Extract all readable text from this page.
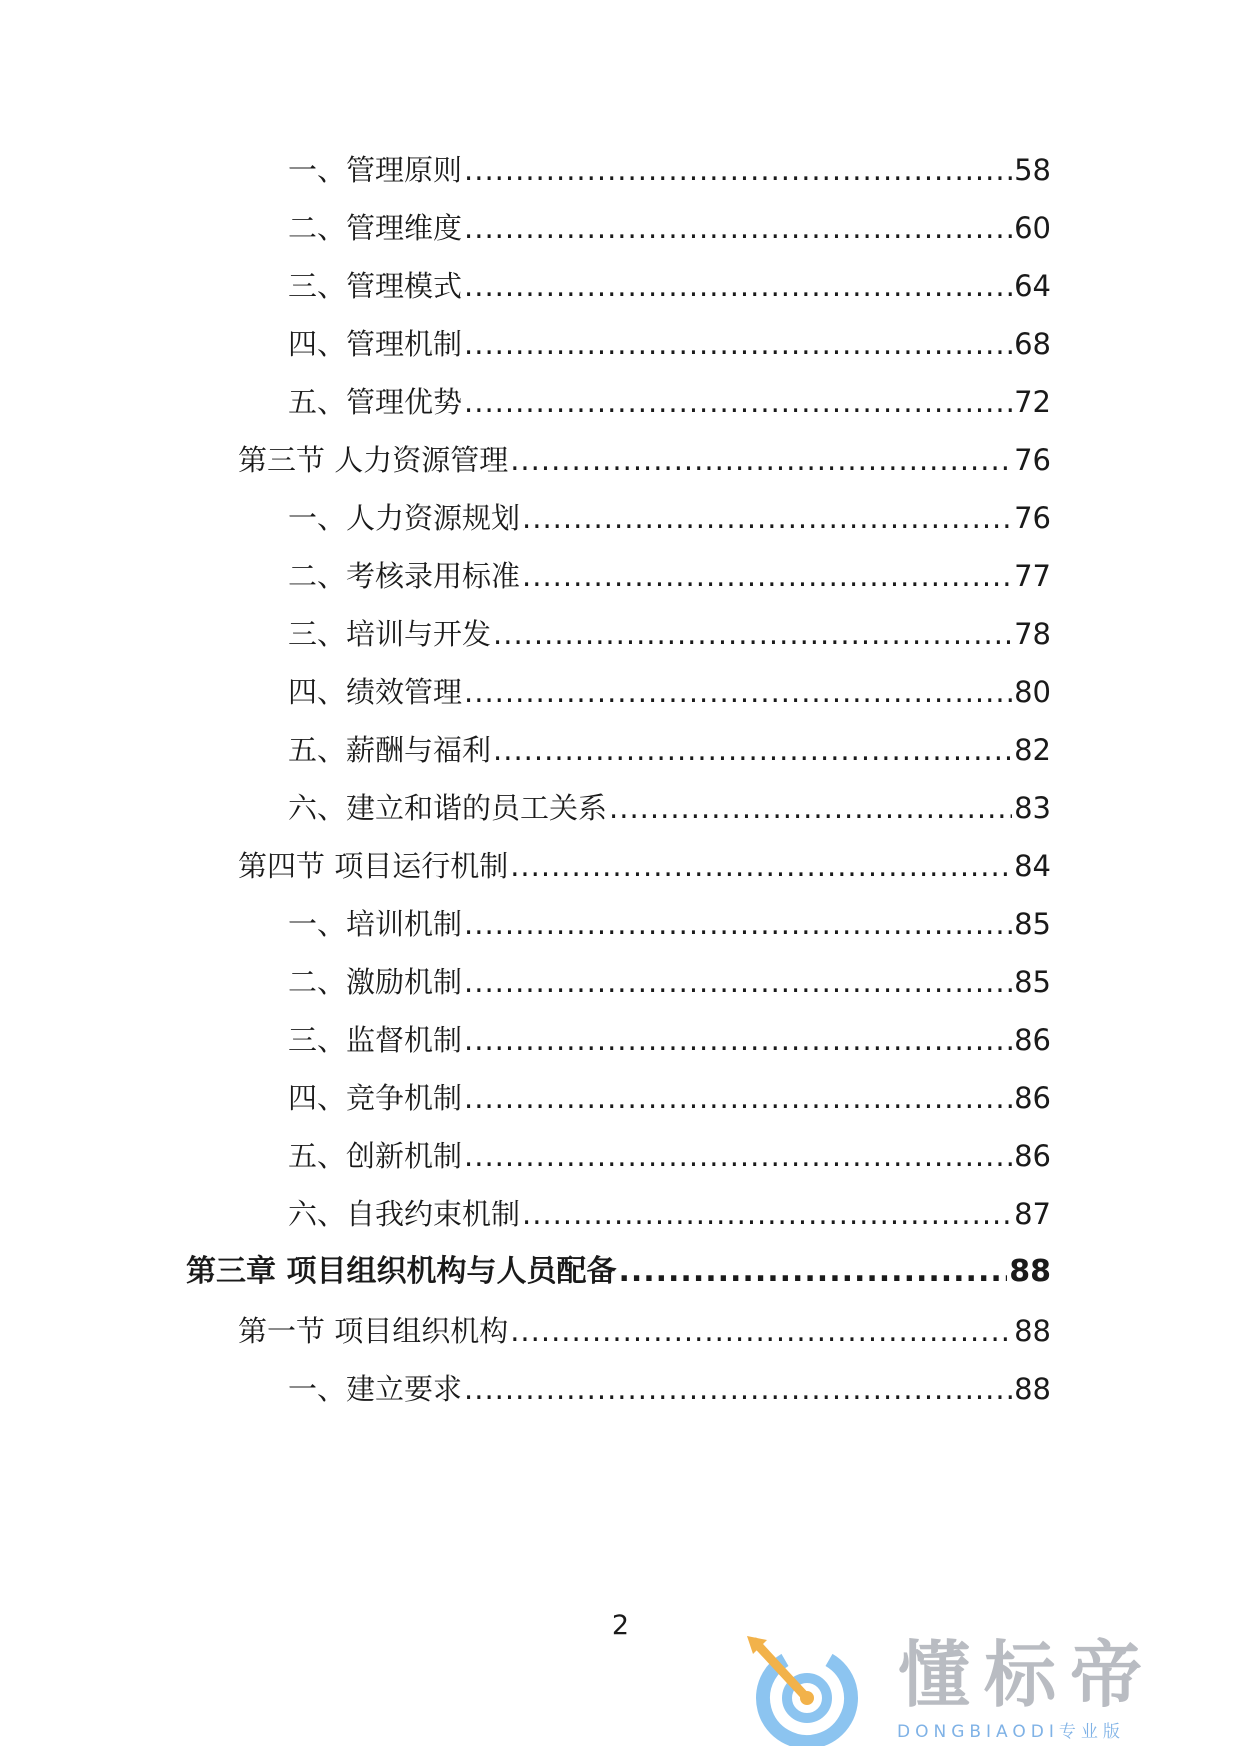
一、管理原则 .....	58
二、管理维度 .....	60
三、管理模式 .....	64
四、管理机制 .....	68
五、管理优势 .....	72
第三节 人力资源管理 .....	76
一、人力资源规划 .....	76
二、考核录用标准 .....	77
三、培训与开发 .....	78
四、绩效管理 .....	80
五、薪酬与福利 .....	82
六、建立和谐的员工关系 .....	83
第四节 项目运行机制 .....	84
一、培训机制 .....	85
二、激励机制 .....	85
三、监督机制 .....	86
四、竞争机制 .....	86
五、创新机制 .....	86
六、自我约束机制 .....	87
第三章 项目组织机构与人员配备 .....	88
第一节 项目组织机构 .....	88
一、建立要求 .....	88
2
懂标帝
DONGBIAODI专业版
